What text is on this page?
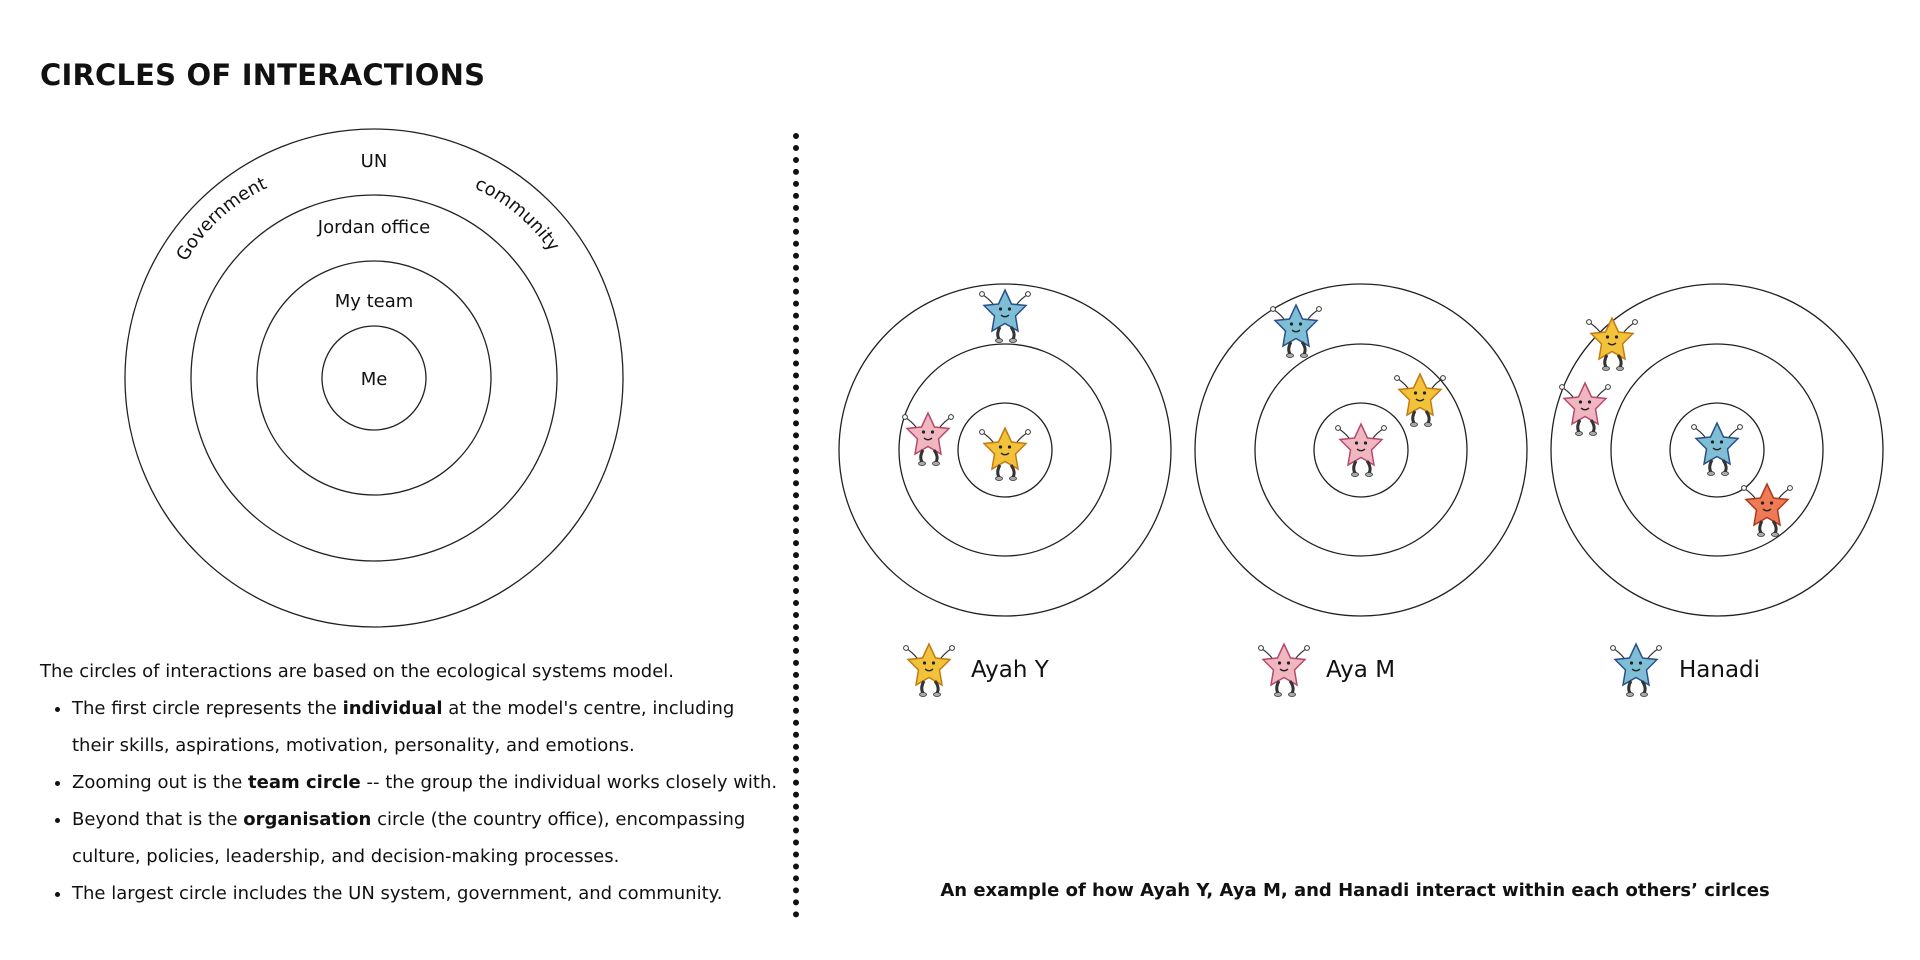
CIRCLES OF INTERACTIONS
UN
Government	community
Jordan office
My team
Me

The circles of interactions are based on the ecological systems model.

• The first circle represents the individual at the model's centre, including their skills, aspirations, motivation, personality, and emotions.
• Zooming out is the team circle -- the group the individual works closely with.
• Beyond that is the organisation circle (the country office), encompassing culture, policies, leadership, and decision-making processes.
• The largest circle includes the UN system, government, and community.
Ayah Y	Aya M	Hanadi

An example of how Ayah Y, Aya M, and Hanadi interact within each others’ cirlces
